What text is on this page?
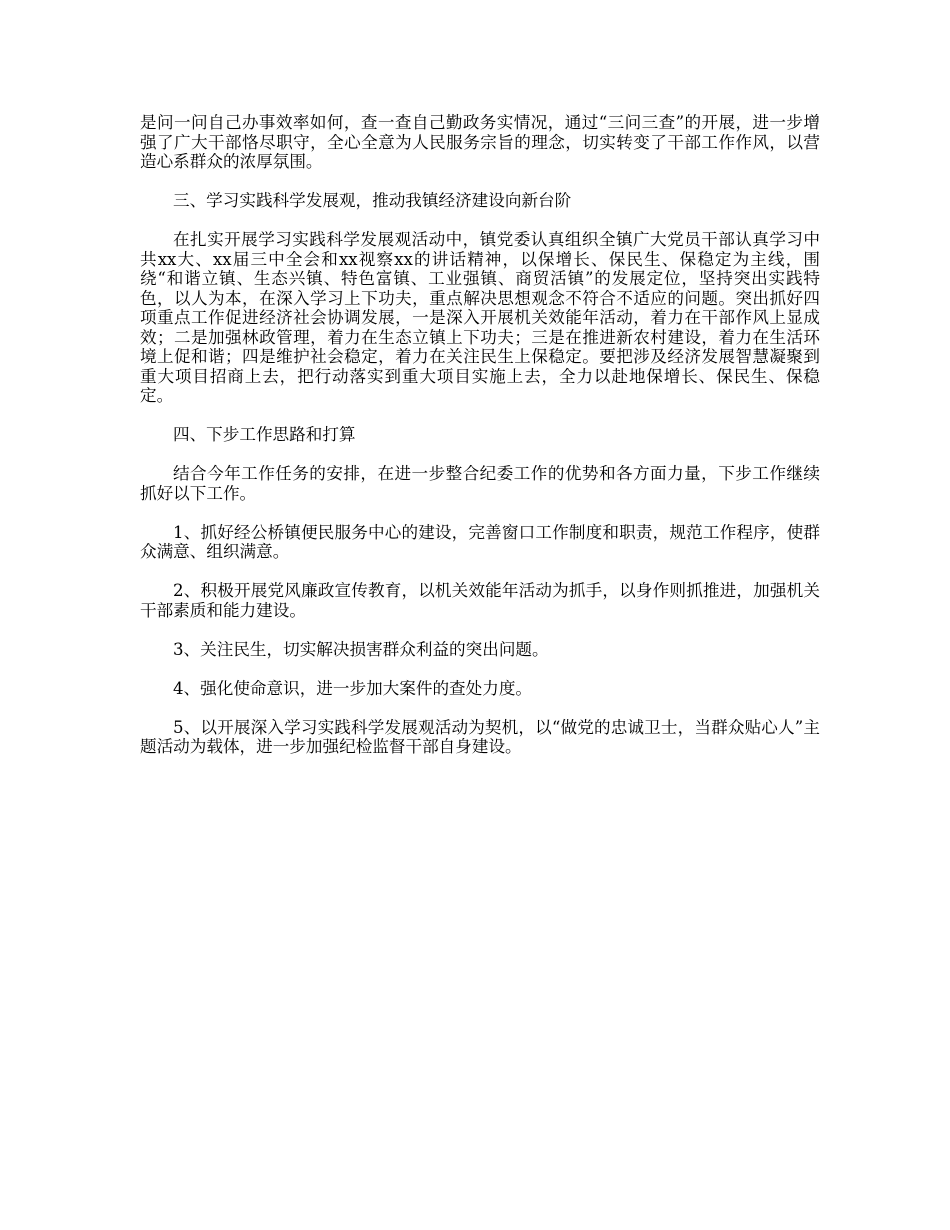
是问一问自己办事效率如何，查一查自己勤政务实情况，通过“三问三查”的开展，进一步增强了广大干部恪尽职守，全心全意为人民服务宗旨的理念，切实转变了干部工作作风，以营造心系群众的浓厚氛围。

三、学习实践科学发展观，推动我镇经济建设向新台阶

在扎实开展学习实践科学发展观活动中，镇党委认真组织全镇广大党员干部认真学习中共xx大、xx届三中全会和xx视察xx的讲话精神，以保增长、保民生、保稳定为主线，围绕“和谐立镇、生态兴镇、特色富镇、工业强镇、商贸活镇”的发展定位，坚持突出实践特色，以人为本，在深入学习上下功夫，重点解决思想观念不符合不适应的问题。突出抓好四项重点工作促进经济社会协调发展，一是深入开展机关效能年活动，着力在干部作风上显成效；二是加强林政管理，着力在生态立镇上下功夫；三是在推进新农村建设，着力在生活环境上促和谐；四是维护社会稳定，着力在关注民生上保稳定。要把涉及经济发展智慧凝聚到重大项目招商上去，把行动落实到重大项目实施上去，全力以赴地保增长、保民生、保稳定。

四、下步工作思路和打算

结合今年工作任务的安排，在进一步整合纪委工作的优势和各方面力量，下步工作继续抓好以下工作。

1、抓好经公桥镇便民服务中心的建设，完善窗口工作制度和职责，规范工作程序，使群众满意、组织满意。

2、积极开展党风廉政宣传教育，以机关效能年活动为抓手，以身作则抓推进，加强机关干部素质和能力建设。

3、关注民生，切实解决损害群众利益的突出问题。

4、强化使命意识，进一步加大案件的查处力度。

5、以开展深入学习实践科学发展观活动为契机，以“做党的忠诚卫士，当群众贴心人”主题活动为载体，进一步加强纪检监督干部自身建设。
